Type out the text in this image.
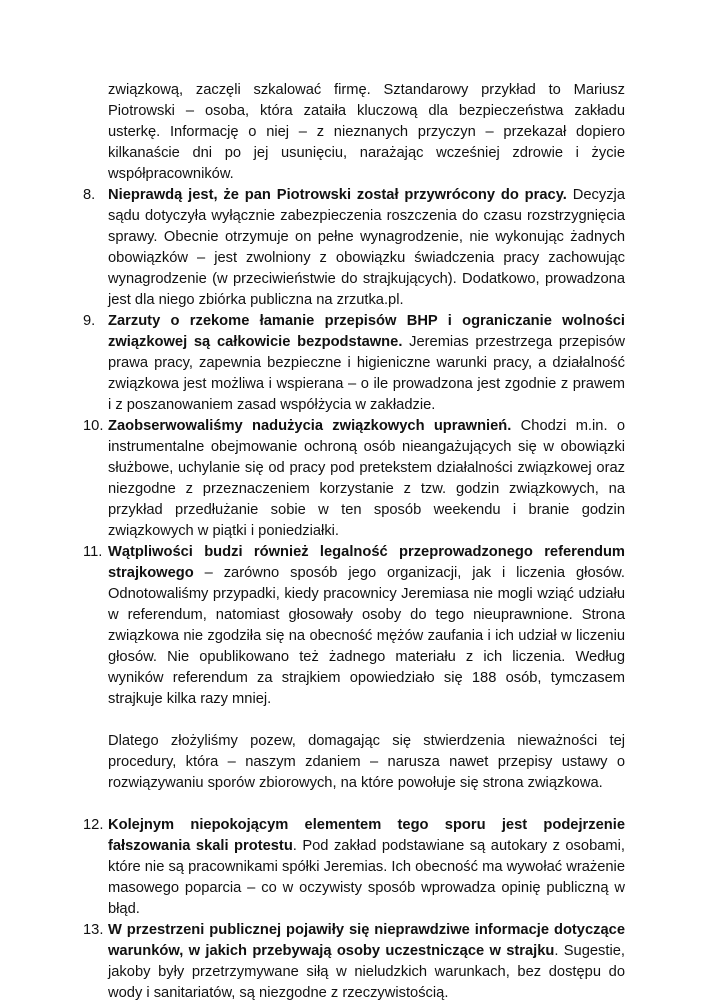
związkową, zaczęli szkalować firmę. Sztandarowy przykład to Mariusz Piotrowski – osoba, która zataiła kluczową dla bezpieczeństwa zakładu usterkę. Informację o niej – z nieznanych przyczyn – przekazał dopiero kilkanaście dni po jej usunięciu, narażając wcześniej zdrowie i życie współpracowników.

8. Nieprawdą jest, że pan Piotrowski został przywrócony do pracy. Decyzja sądu dotyczyła wyłącznie zabezpieczenia roszczenia do czasu rozstrzygnięcia sprawy. Obecnie otrzymuje on pełne wynagrodzenie, nie wykonując żadnych obowiązków – jest zwolniony z obowiązku świadczenia pracy zachowując wynagrodzenie (w przeciwieństwie do strajkujących). Dodatkowo, prowadzona jest dla niego zbiórka publiczna na zrzutka.pl.

9. Zarzuty o rzekome łamanie przepisów BHP i ograniczanie wolności związkowej są całkowicie bezpodstawne. Jeremias przestrzega przepisów prawa pracy, zapewnia bezpieczne i higieniczne warunki pracy, a działalność związkowa jest możliwa i wspierana – o ile prowadzona jest zgodnie z prawem i z poszanowaniem zasad współżycia w zakładzie.

10. Zaobserwowaliśmy nadużycia związkowych uprawnień. Chodzi m.in. o instrumentalne obejmowanie ochroną osób nieangażujących się w obowiązki służbowe, uchylanie się od pracy pod pretekstem działalności związkowej oraz niezgodne z przeznaczeniem korzystanie z tzw. godzin związkowych, na przykład przedłużanie sobie w ten sposób weekendu i branie godzin związkowych w piątki i poniedziałki.

11. Wątpliwości budzi również legalność przeprowadzonego referendum strajkowego – zarówno sposób jego organizacji, jak i liczenia głosów. Odnotowaliśmy przypadki, kiedy pracownicy Jeremiasa nie mogli wziąć udziału w referendum, natomiast głosowały osoby do tego nieuprawnione. Strona związkowa nie zgodziła się na obecność mężów zaufania i ich udział w liczeniu głosów. Nie opublikowano też żadnego materiału z ich liczenia. Według wyników referendum za strajkiem opowiedziało się 188 osób, tymczasem strajkuje kilka razy mniej.

Dlatego złożyliśmy pozew, domagając się stwierdzenia nieważności tej procedury, która – naszym zdaniem – narusza nawet przepisy ustawy o rozwiązywaniu sporów zbiorowych, na które powołuje się strona związkowa.

12. Kolejnym niepokojącym elementem tego sporu jest podejrzenie fałszowania skali protestu. Pod zakład podstawiane są autokary z osobami, które nie są pracownikami spółki Jeremias. Ich obecność ma wywołać wrażenie masowego poparcia – co w oczywisty sposób wprowadza opinię publiczną w błąd.

13. W przestrzeni publicznej pojawiły się nieprawdziwe informacje dotyczące warunków, w jakich przebywają osoby uczestniczące w strajku. Sugestie, jakoby były przetrzymywane siłą w nieludzkich warunkach, bez dostępu do wody i sanitariatów, są niezgodne z rzeczywistością.
